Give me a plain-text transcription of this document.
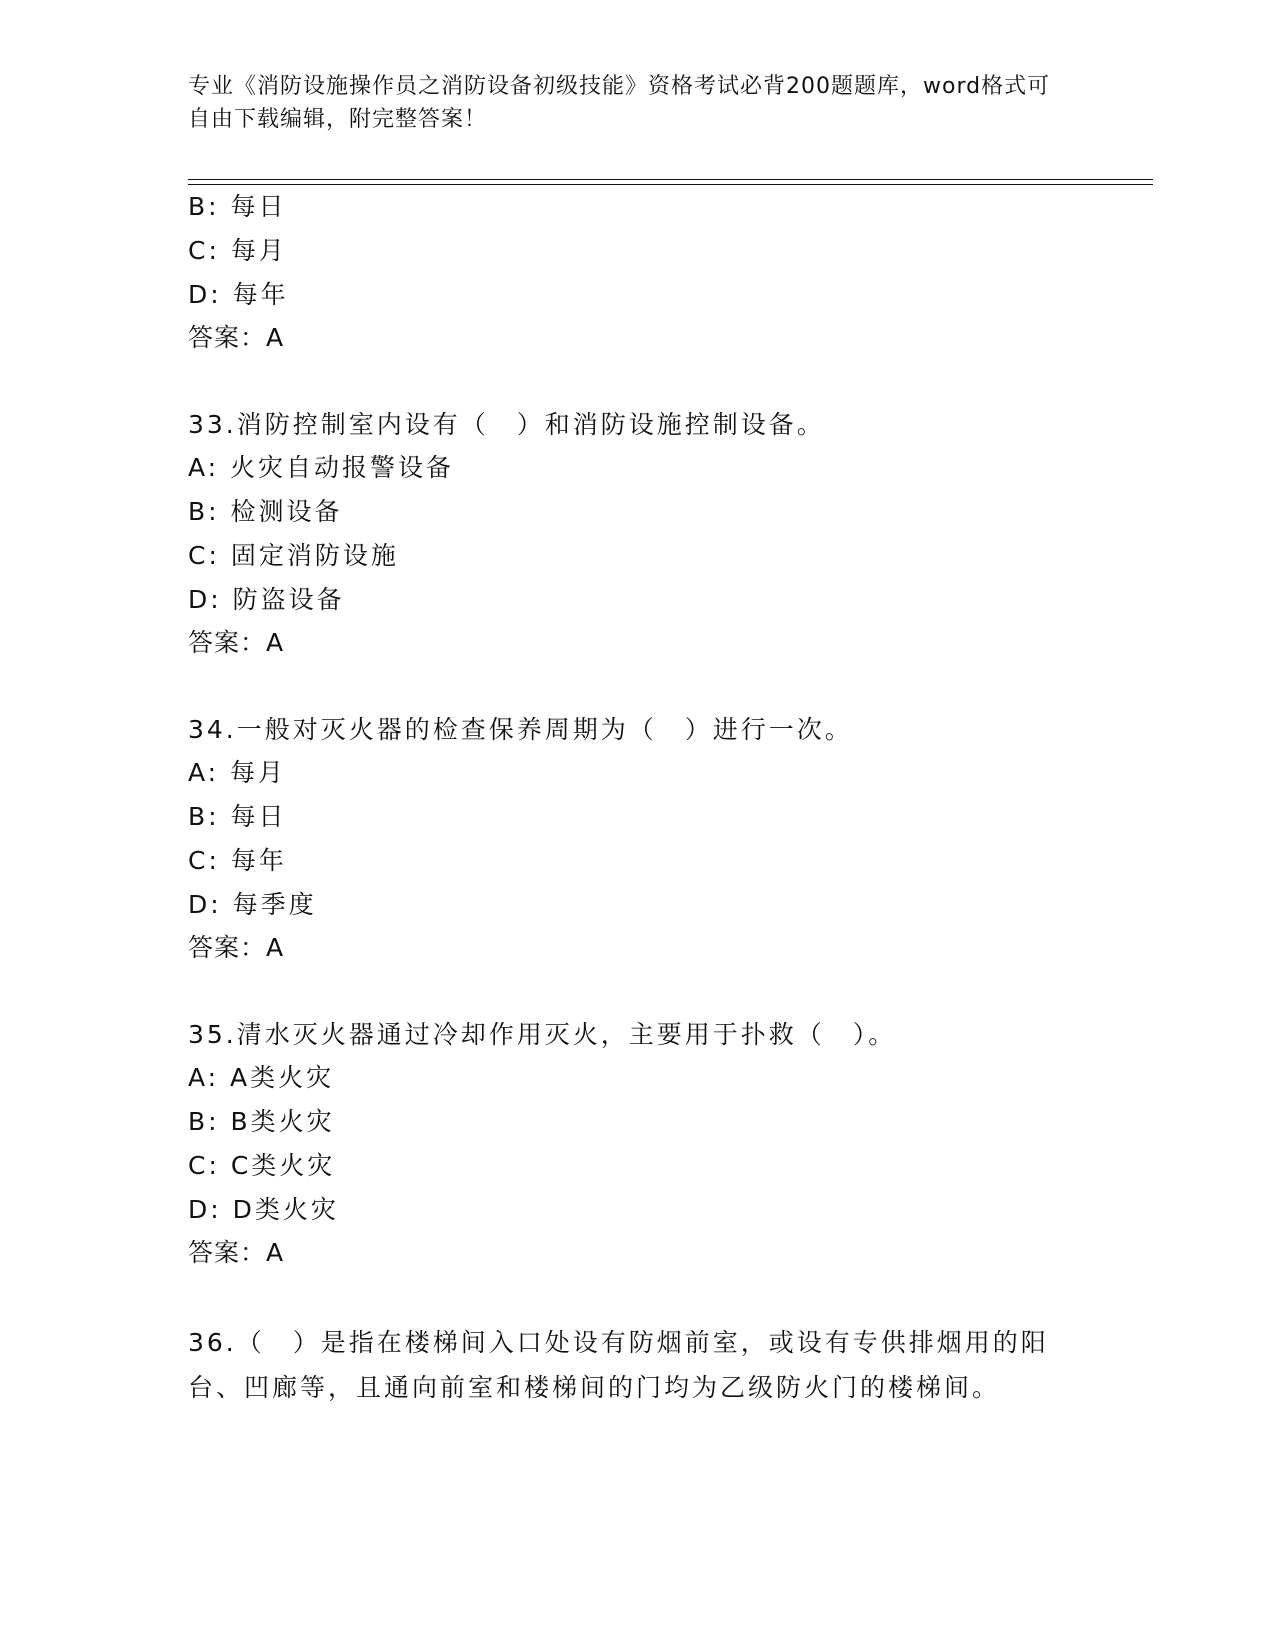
专业《消防设施操作员之消防设备初级技能》资格考试必背200题题库，word格式可自由下载编辑，附完整答案！
B: 每日
C: 每月
D: 每年
答案：A
33.消防控制室内设有（　）和消防设施控制设备。
A: 火灾自动报警设备
B: 检测设备
C: 固定消防设施
D: 防盗设备
答案：A
34.一般对灭火器的检查保养周期为（　）进行一次。
A: 每月
B: 每日
C: 每年
D: 每季度
答案：A
35.清水灭火器通过冷却作用灭火，主要用于扑救（　）。
A: A类火灾
B: B类火灾
C: C类火灾
D: D类火灾
答案：A
36.（　）是指在楼梯间入口处设有防烟前室，或设有专供排烟用的阳台、凹廊等，且通向前室和楼梯间的门均为乙级防火门的楼梯间。
